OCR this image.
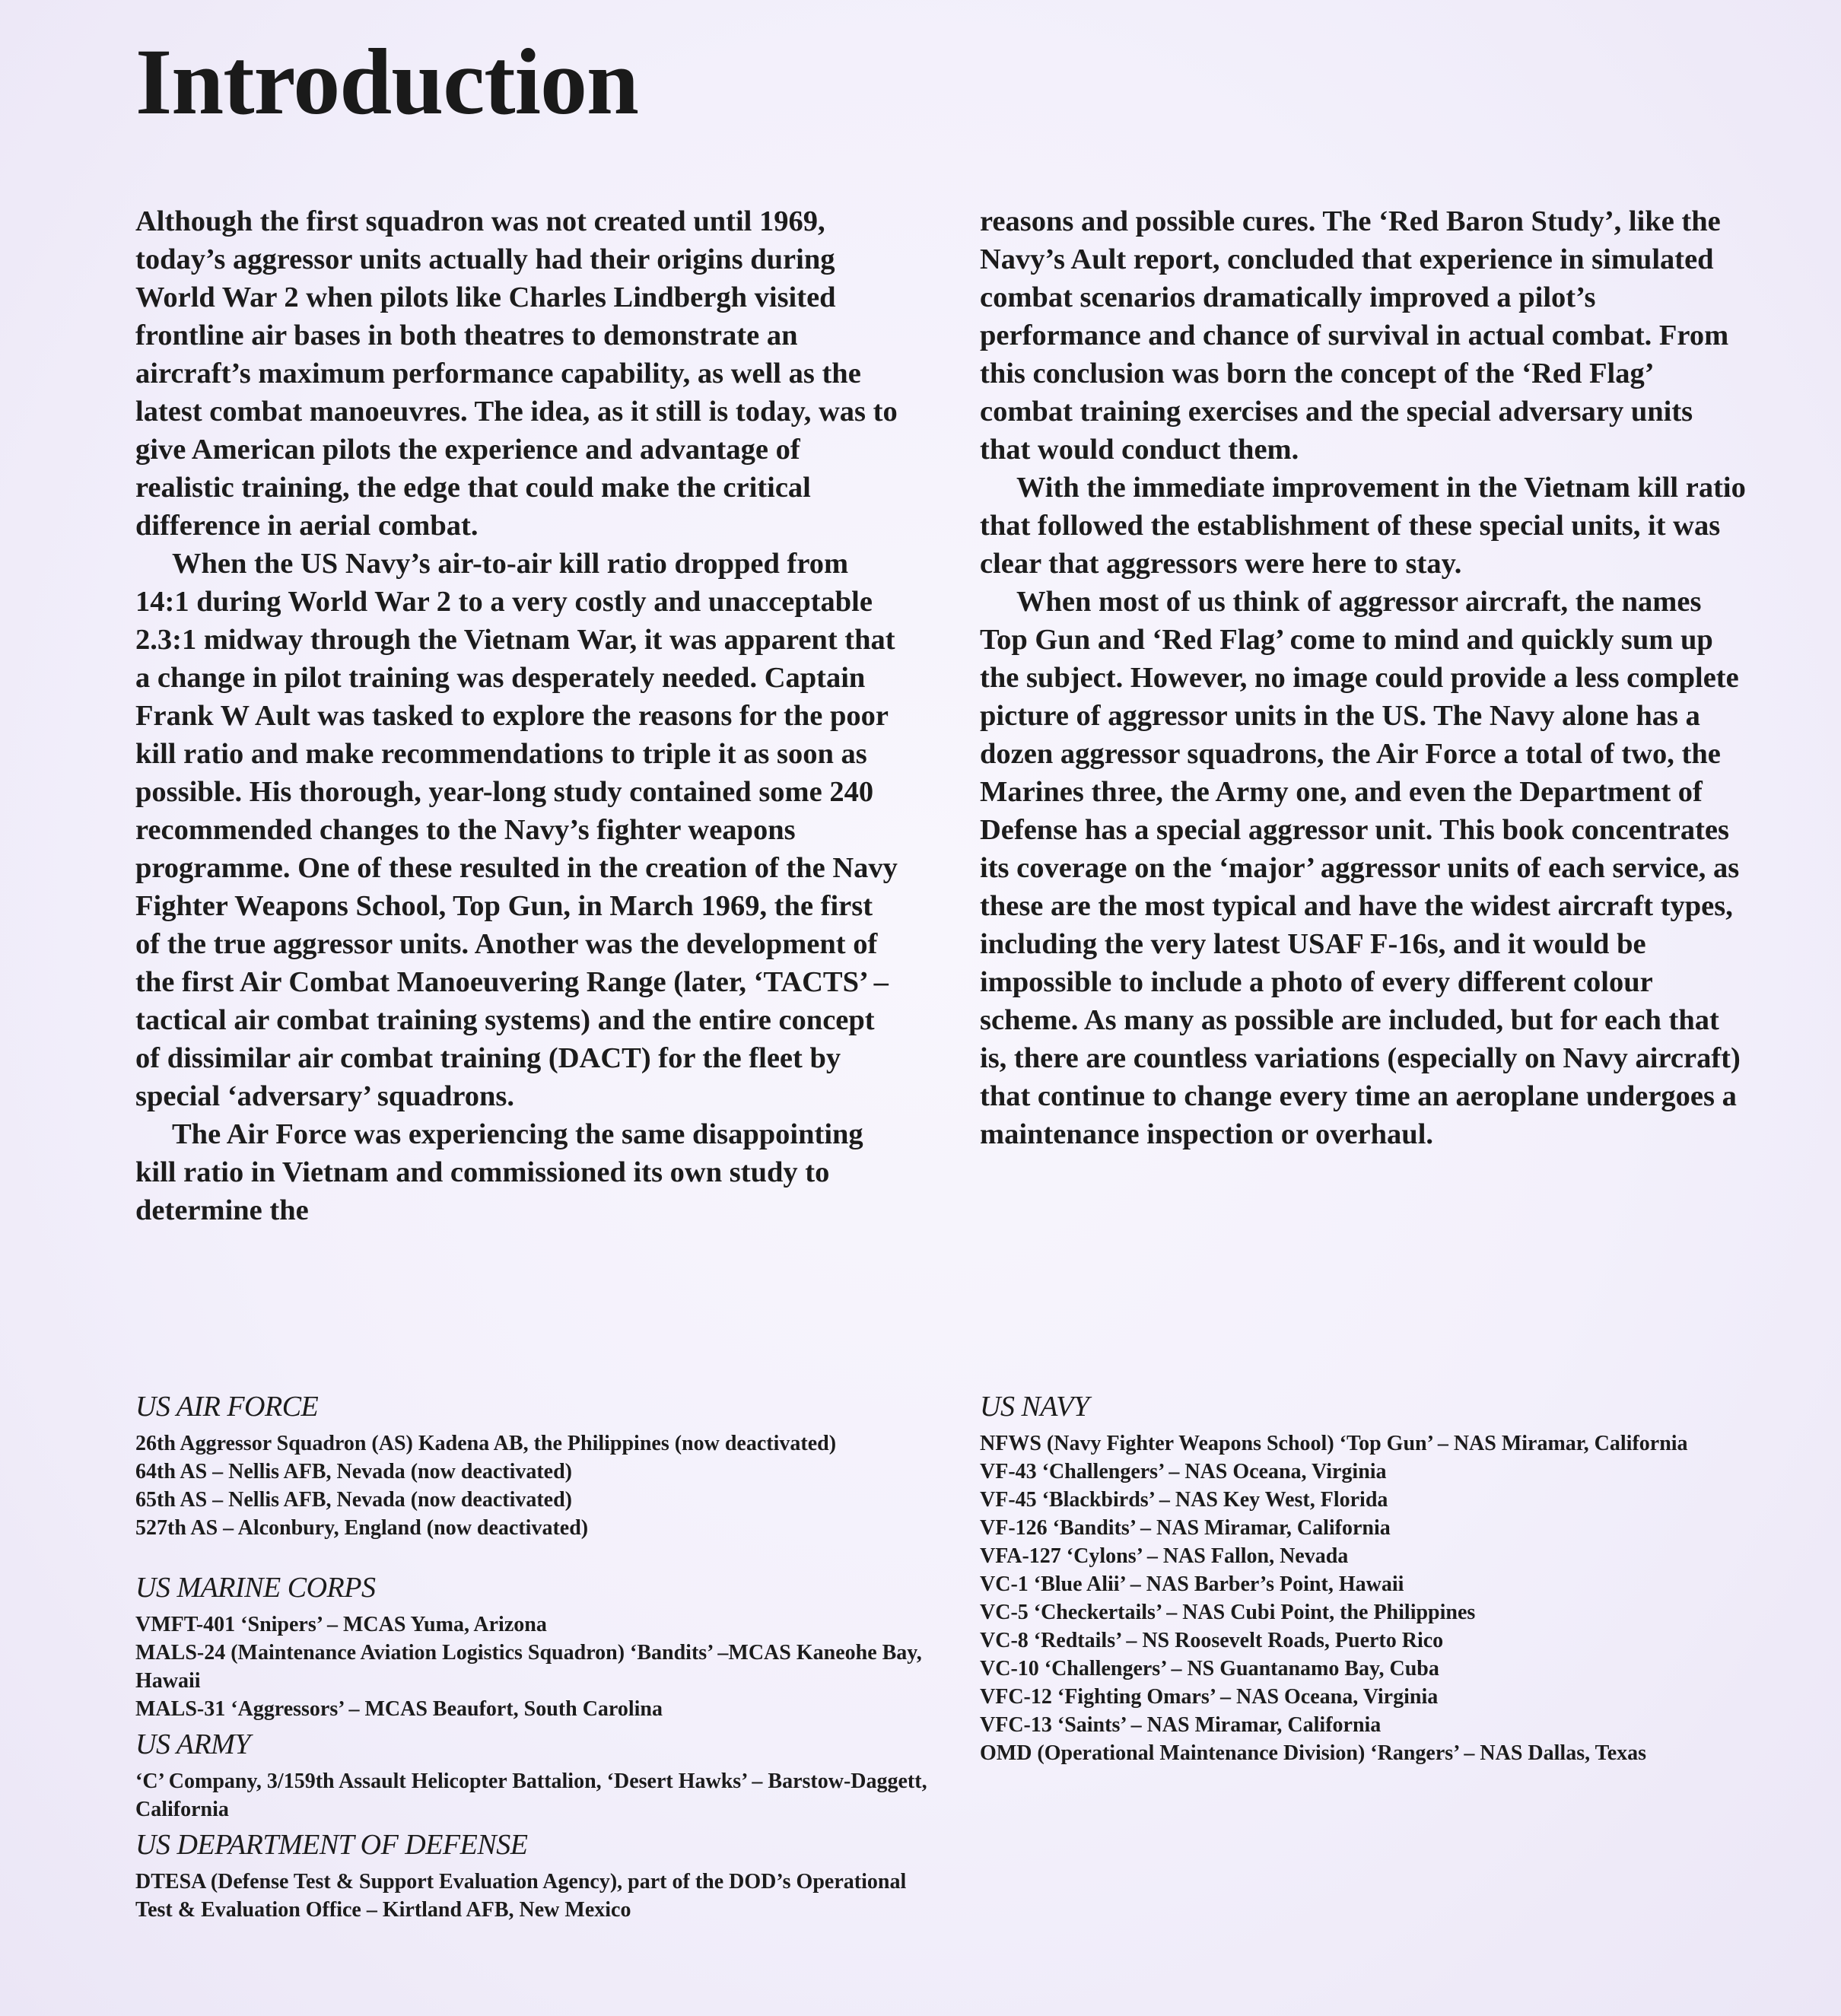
Introduction

Although the first squadron was not created until 1969, today’s aggressor units actually had their origins during World War 2 when pilots like Charles Lindbergh visited frontline air bases in both theatres to demonstrate an aircraft’s maximum performance capability, as well as the latest combat manoeuvres. The idea, as it still is today, was to give American pilots the experience and advantage of realistic training, the edge that could make the critical difference in aerial combat.

When the US Navy’s air-to-air kill ratio dropped from 14:1 during World War 2 to a very costly and unacceptable 2.3:1 midway through the Vietnam War, it was apparent that a change in pilot training was desperately needed. Captain Frank W Ault was tasked to explore the reasons for the poor kill ratio and make recommendations to triple it as soon as possible. His thorough, year-long study contained some 240 recommended changes to the Navy’s fighter weapons programme. One of these resulted in the creation of the Navy Fighter Weapons School, Top Gun, in March 1969, the first of the true aggressor units. Another was the development of the first Air Combat Manoeuvering Range (later, ‘TACTS’ – tactical air combat training systems) and the entire concept of dissimilar air combat training (DACT) for the fleet by special ‘adversary’ squadrons.

The Air Force was experiencing the same disappointing kill ratio in Vietnam and commissioned its own study to determine the

reasons and possible cures. The ‘Red Baron Study’, like the Navy’s Ault report, concluded that experience in simulated combat scenarios dramatically improved a pilot’s performance and chance of survival in actual combat. From this conclusion was born the concept of the ‘Red Flag’ combat training exercises and the special adversary units that would conduct them.

With the immediate improvement in the Vietnam kill ratio that followed the establishment of these special units, it was clear that aggressors were here to stay.

When most of us think of aggressor aircraft, the names Top Gun and ‘Red Flag’ come to mind and quickly sum up the subject. However, no image could provide a less complete picture of aggressor units in the US. The Navy alone has a dozen aggressor squadrons, the Air Force a total of two, the Marines three, the Army one, and even the Department of Defense has a special aggressor unit. This book concentrates its coverage on the ‘major’ aggressor units of each service, as these are the most typical and have the widest aircraft types, including the very latest USAF F-16s, and it would be impossible to include a photo of every different colour scheme. As many as possible are included, but for each that is, there are countless variations (especially on Navy aircraft) that continue to change every time an aeroplane undergoes a maintenance inspection or overhaul.

US AIR FORCE
26th Aggressor Squadron (AS) Kadena AB, the Philippines (now deactivated)
64th AS – Nellis AFB, Nevada (now deactivated)
65th AS – Nellis AFB, Nevada (now deactivated)
527th AS – Alconbury, England (now deactivated)
US MARINE CORPS
VMFT-401 ‘Snipers’ – MCAS Yuma, Arizona
MALS-24 (Maintenance Aviation Logistics Squadron) ‘Bandits’ –MCAS Kaneohe Bay, Hawaii
MALS-31 ‘Aggressors’ – MCAS Beaufort, South Carolina
US ARMY
‘C’ Company, 3/159th Assault Helicopter Battalion, ‘Desert Hawks’ – Barstow-Daggett, California
US DEPARTMENT OF DEFENSE
DTESA (Defense Test & Support Evaluation Agency), part of the DOD’s Operational Test & Evaluation Office – Kirtland AFB, New Mexico
US NAVY
NFWS (Navy Fighter Weapons School) ‘Top Gun’ – NAS Miramar, California
VF-43 ‘Challengers’ – NAS Oceana, Virginia
VF-45 ‘Blackbirds’ – NAS Key West, Florida
VF-126 ‘Bandits’ – NAS Miramar, California
VFA-127 ‘Cylons’ – NAS Fallon, Nevada
VC-1 ‘Blue Alii’ – NAS Barber’s Point, Hawaii
VC-5 ‘Checkertails’ – NAS Cubi Point, the Philippines
VC-8 ‘Redtails’ – NS Roosevelt Roads, Puerto Rico
VC-10 ‘Challengers’ – NS Guantanamo Bay, Cuba
VFC-12 ‘Fighting Omars’ – NAS Oceana, Virginia
VFC-13 ‘Saints’ – NAS Miramar, California
OMD (Operational Maintenance Division) ‘Rangers’ – NAS Dallas, Texas
